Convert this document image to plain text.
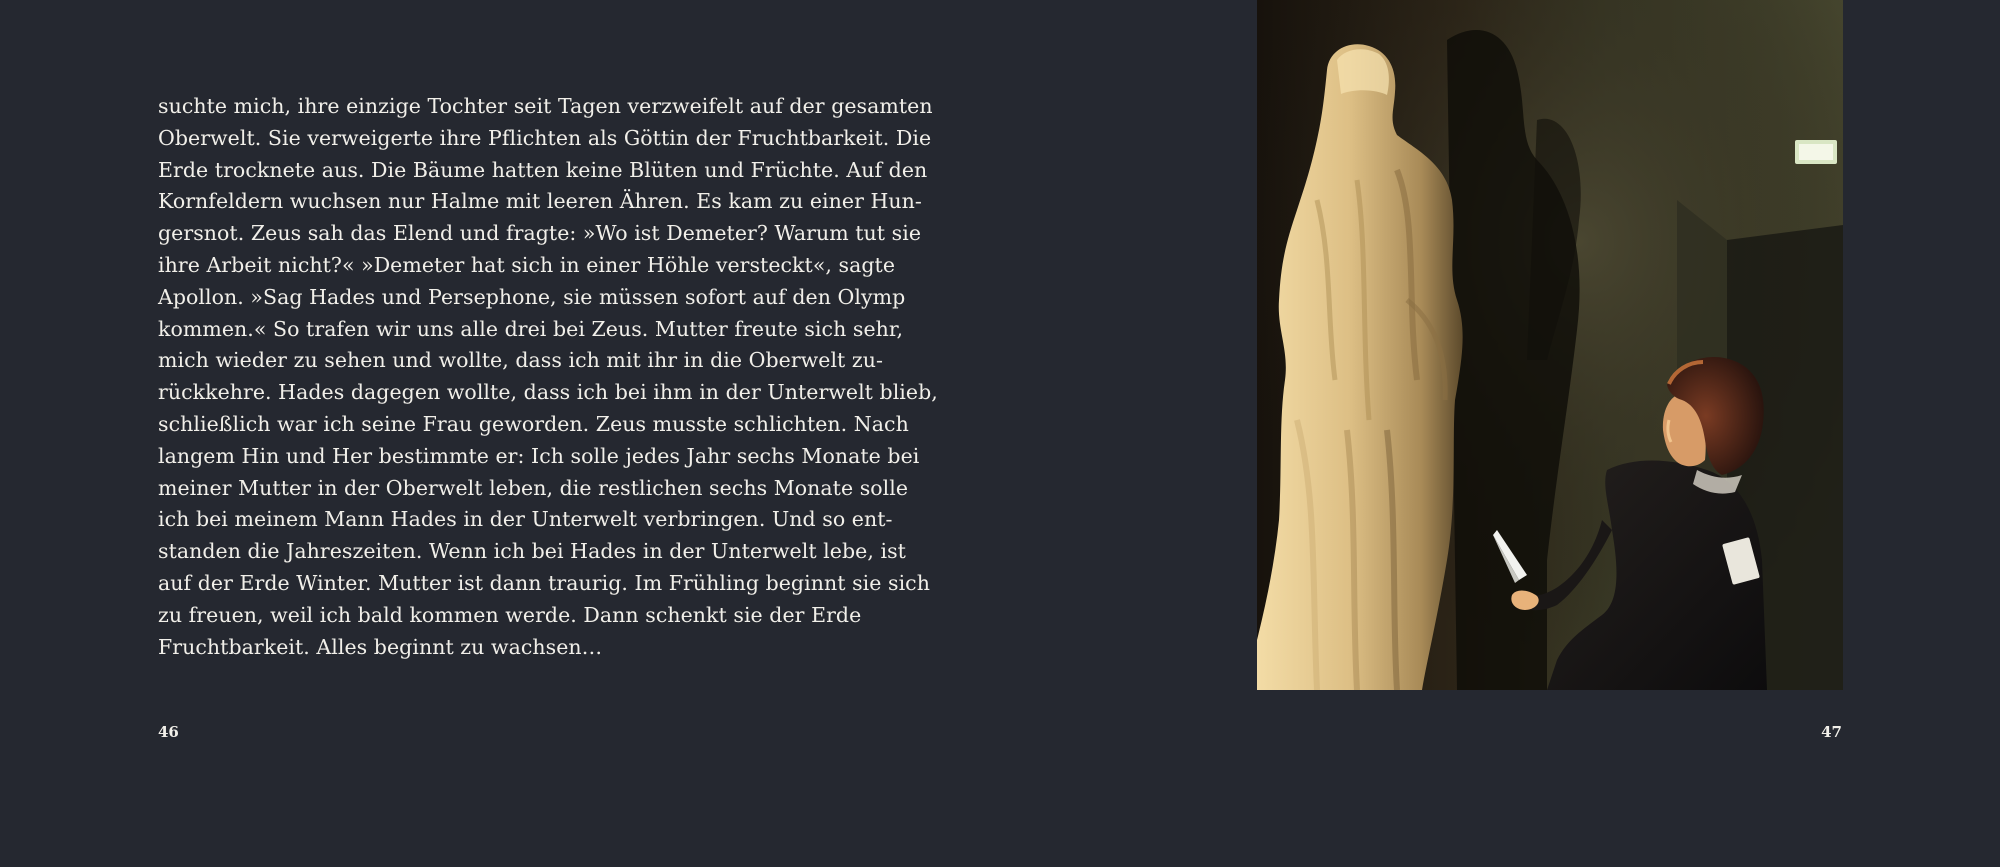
suchte mich, ihre einzige Tochter seit Tagen verzweifelt auf der gesamten
Oberwelt. Sie verweigerte ihre Pflichten als Göttin der Fruchtbarkeit. Die
Erde trocknete aus. Die Bäume hatten keine Blüten und Früchte. Auf den
Kornfeldern wuchsen nur Halme mit leeren Ähren. Es kam zu einer Hun-
gersnot. Zeus sah das Elend und fragte: »Wo ist Demeter? Warum tut sie
ihre Arbeit nicht?« »Demeter hat sich in einer Höhle versteckt«, sagte
Apollon. »Sag Hades und Persephone, sie müssen sofort auf den Olymp
kommen.« So trafen wir uns alle drei bei Zeus. Mutter freute sich sehr,
mich wieder zu sehen und wollte, dass ich mit ihr in die Oberwelt zu-
rückkehre. Hades dagegen wollte, dass ich bei ihm in der Unterwelt blieb,
schließlich war ich seine Frau geworden. Zeus musste schlichten. Nach
langem Hin und Her bestimmte er: Ich solle jedes Jahr sechs Monate bei
meiner Mutter in der Oberwelt leben, die restlichen sechs Monate solle
ich bei meinem Mann Hades in der Unterwelt verbringen. Und so ent-
standen die Jahreszeiten. Wenn ich bei Hades in der Unterwelt lebe, ist
auf der Erde Winter. Mutter ist dann traurig. Im Frühling beginnt sie sich
zu freuen, weil ich bald kommen werde. Dann schenkt sie der Erde
Fruchtbarkeit. Alles beginnt zu wachsen…

46	47
